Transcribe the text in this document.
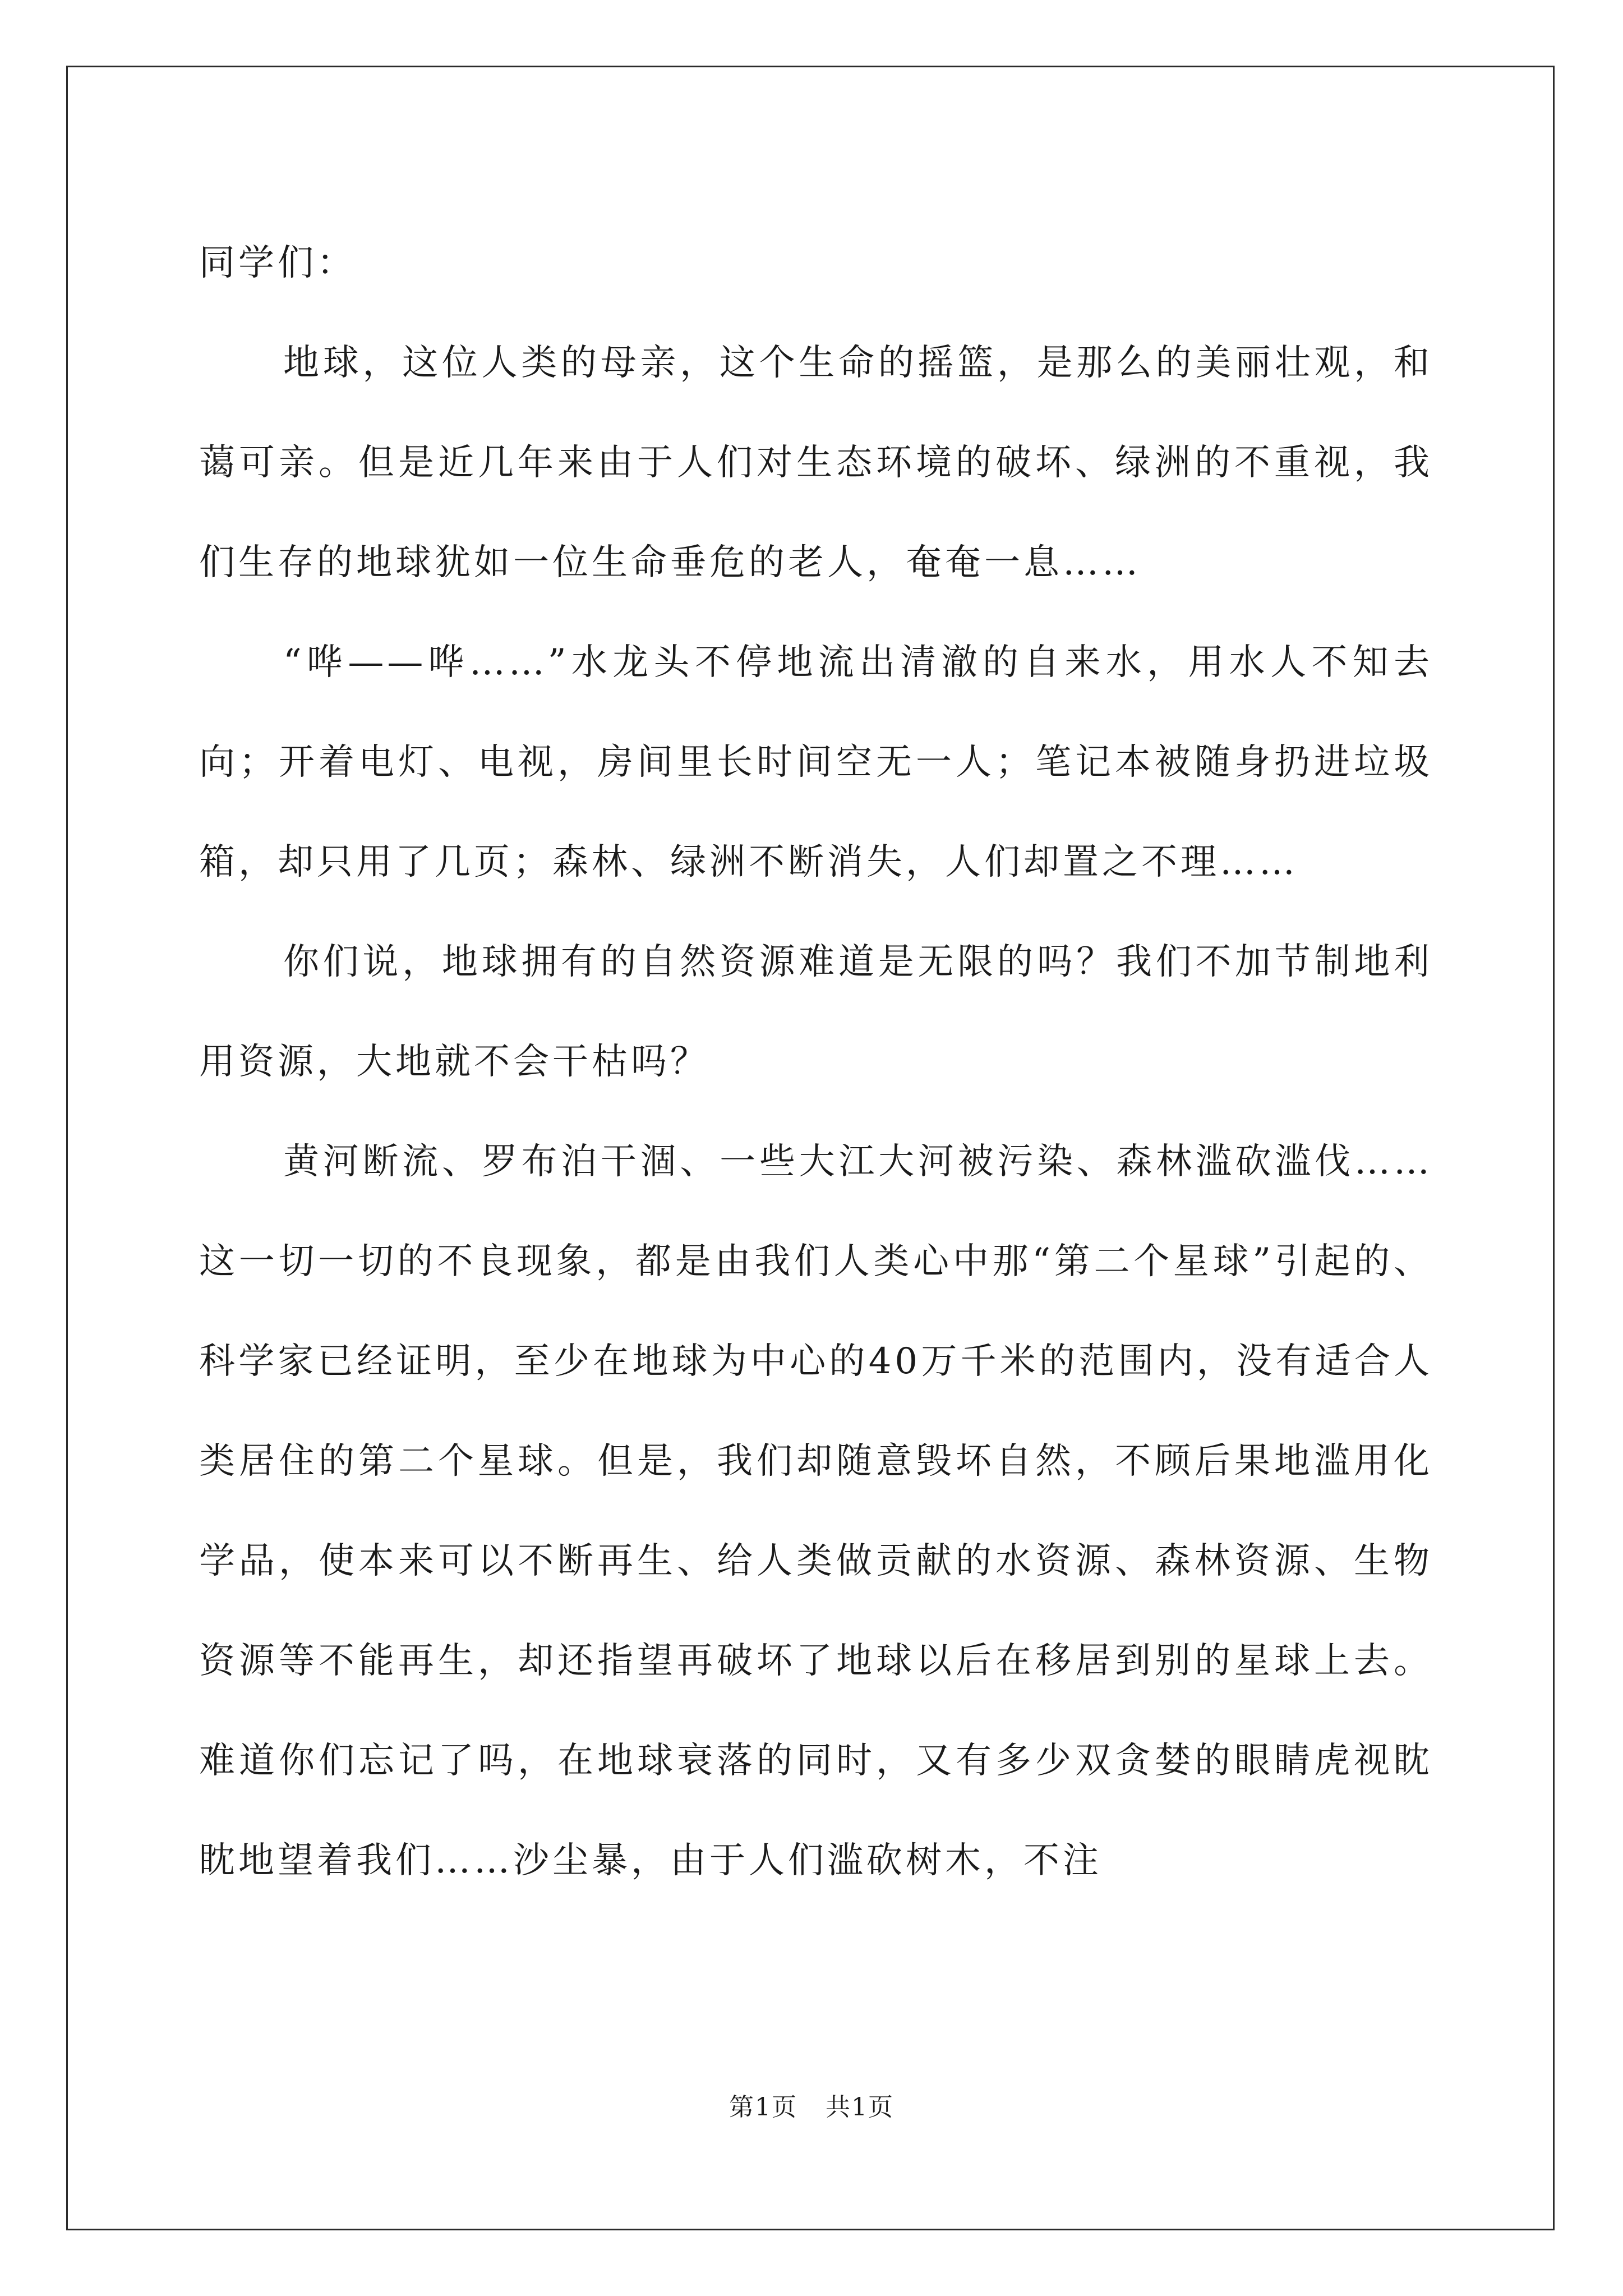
同学们：

地球，这位人类的母亲，这个生命的摇篮，是那么的美丽壮观，和蔼可亲。但是近几年来由于人们对生态环境的破坏、绿洲的不重视，我们生存的地球犹如一位生命垂危的老人，奄奄一息……

“哗——哗……”水龙头不停地流出清澈的自来水，用水人不知去向；开着电灯、电视，房间里长时间空无一人；笔记本被随身扔进垃圾箱，却只用了几页；森林、绿洲不断消失，人们却置之不理……

你们说，地球拥有的自然资源难道是无限的吗？我们不加节制地利用资源，大地就不会干枯吗？

黄河断流、罗布泊干涸、一些大江大河被污染、森林滥砍滥伐……这一切一切的不良现象，都是由我们人类心中那“第二个星球”引起的、科学家已经证明，至少在地球为中心的40万千米的范围内，没有适合人类居住的第二个星球。但是，我们却随意毁坏自然，不顾后果地滥用化学品，使本来可以不断再生、给人类做贡献的水资源、森林资源、生物资源等不能再生，却还指望再破坏了地球以后在移居到别的星球上去。难道你们忘记了吗，在地球衰落的同时，又有多少双贪婪的眼睛虎视眈眈地望着我们……沙尘暴，由于人们滥砍树木，不注

第1页 共1页
